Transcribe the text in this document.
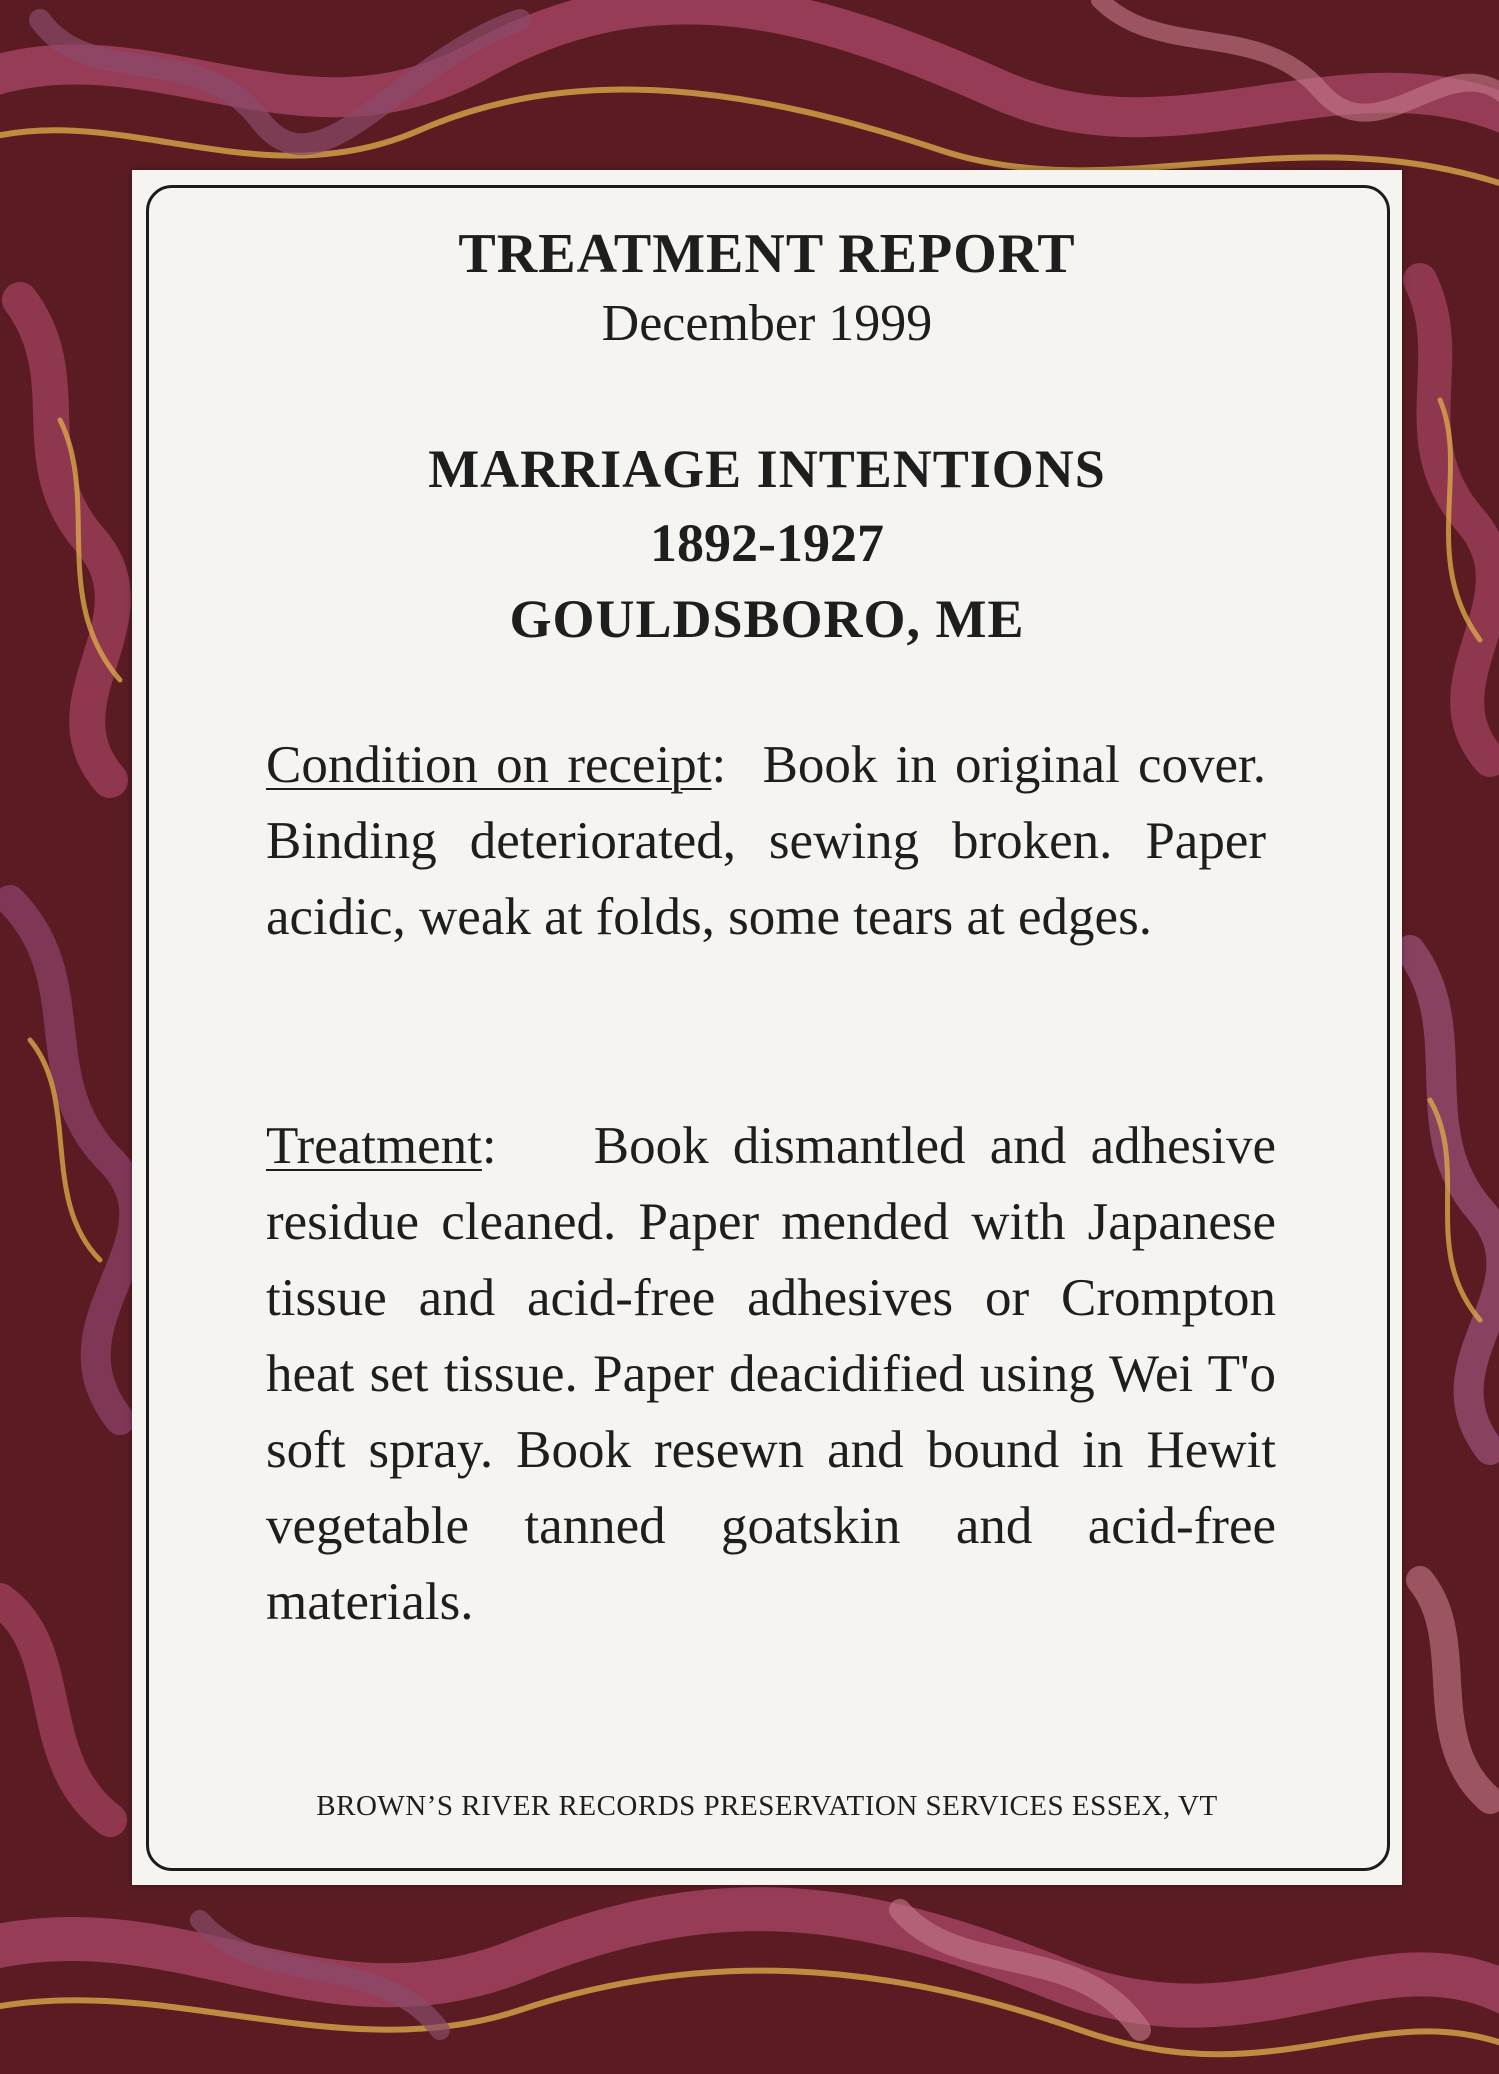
TREATMENT REPORT
December 1999
MARRIAGE INTENTIONS
1892-1927
GOULDSBORO, ME
Condition on receipt:  Book in original cover. Binding deteriorated, sewing broken. Paper acidic, weak at folds, some tears at edges.
Treatment:    Book dismantled and adhesive residue cleaned. Paper mended with Japanese tissue and acid-free adhesives or Crompton heat set tissue. Paper deacidified using Wei T'o soft spray. Book resewn and bound in Hewit vegetable tanned goatskin and acid-free materials.
BROWN’S RIVER RECORDS PRESERVATION SERVICES ESSEX, VT
